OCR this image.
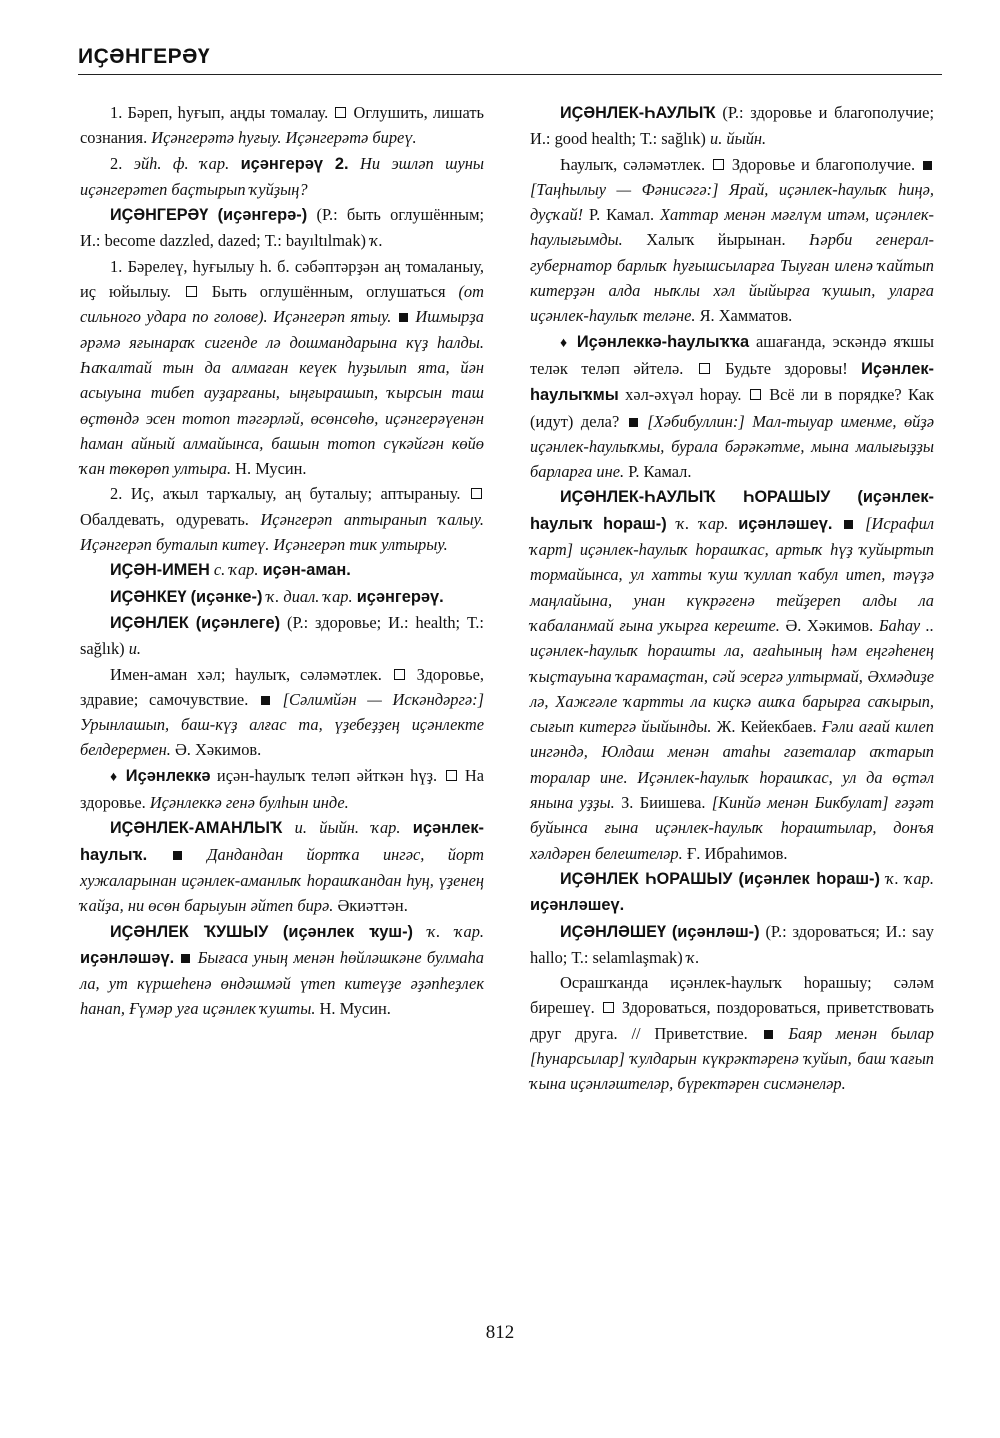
ИҪӘНГЕРӘҮ

1. Бәреп, һуғып, аңды томалау. Оглушить, лишать сознания. Иҫәнгерәтә һуғыу. Иҫәнгерәтә биреү.

2. эйһ. ф. ҡар. иҫәнгерәү 2. Ни эшләп шуны иҫәнгерәтеп баҫтырып ҡуйҙың?

ИҪӘНГЕРӘҮ (иҫәнгерә-) (Р.: быть оглушённым; И.: become dazzled, dazed; Т.: bayıltılmak) ҡ.

1. Бәрелеү, һуғылыу һ. б. сәбәптәрҙән аң томаланыу, иҫ юйылыу. Быть оглушённым, оглушаться (от сильного удара по голове). Иҫәнгерәп ятыу. Ишмырҙа әрәмә яғынараҡ сигенде лә дошмандарына күҙ һалды. Һаҡалтай тын да алмаған кеүек һуҙылып ята, йән асыуына тибеп ауҙарғаны, ыңғырашып, ҡырсын таш өҫтөндә эсен тотоп тәгәрләй, өсөнсөһө, иҫәнгерәүенән һаман айный алмайынса, башын тотоп сүкәйгән көйө ҡан төкөрөп ултыра. Н. Мусин.

2. Иҫ, аҡыл тарҡалыу, аң буталыу; аптыраныу.  Обалдевать, одуревать. Иҫәнгерәп аптыранып ҡалыу. Иҫәнгерәп буталып китеү. Иҫәнгерәп тик ултырыу.

ИҪӘН-ИМЕН с. ҡар. иҫән-аман.

ИҪӘНКЕҮ (иҫәнке-) ҡ. диал. ҡар. иҫәнгерәү.

ИҪӘНЛЕК (иҫәнлеге) (Р.: здоровье; И.: health; Т.: sağlık) и.

Имен-аман хәл; һаулыҡ, сәләмәтлек. Здоровье, здравие; самочувствие. [Сәлимйән — Искәндәргә:] Урынлашып, баш-күҙ алғас та, үҙебеҙҙең иҫәнлекте белдерермен. Ә. Хәкимов.

♦ Иҫәнлеккә иҫән-һаулыҡ теләп әйткән һүҙ. На здоровье. Иҫәнлеккә генә булһын инде.

ИҪӘНЛЕК-АМАНЛЫҠ и. йыйн. ҡар. иҫәнлек-һаулыҡ.	Дандандан йортҡа ингәс, йорт хужаларынан иҫәнлек-аманлыҡ һорашҡандан һуң, үҙенең ҡайҙа, ни өсөн барыуын әйтеп бирә. Әкиәттән.

ИҪӘНЛЕК ҠУШЫУ (иҫәнлек ҡуш-) ҡ. ҡар. иҫәнләшәү. Бығаса уның менән һөйләшкәне булмаһа ла, ут күршеһенә өндәшмәй үтеп китеүҙе әҙәпһеҙлек һанап, Ғүмәр уға иҫәнлек ҡушты. Н. Мусин.

ИҪӘНЛЕК-ҺАУЛЫҠ (Р.: здоровье и благополучие; И.: good health; Т.: sağlık) и. йыйн.

Һаулыҡ, сәләмәтлек. Здоровье и благополучие.  [Таңһылыу — Фәнисәгә:] Ярай, иҫәнлек-һаулыҡ һиңә, дуҫҡай! Р. Камал. Хаттар менән мәғлүм итәм, иҫәнлек-һаулығымды. Халыҡ йырынан. Һәрби генерал-губернатор барлыҡ һуғышсыларға Тыуған иленә ҡайтып китерҙән алда ныҡлы хәл йыйырға ҡушып, уларға иҫәнлек-һаулыҡ теләне. Я. Хамматов.

♦ Иҫәнлеккә-һаулыҡҡа ашағанда, эскәндә яҡшы теләк теләп әйтелә.	Будьте здоровы! Иҫәнлек-һаулыҡмы хәл-әхүәл һорау. Всё ли в порядке? Как (идут) дела? [Хәбибуллин:] Мал-тыуар именме, өйҙә иҫәнлек-һаулыҡмы, бурала бәрәкәтме, мына малығыҙҙы барларға ине. Р. Камал.

ИҪӘНЛЕК-ҺАУЛЫҠ ҺОРАШЫУ (иҫәнлек-һаулыҡ һораш-) ҡ. ҡар. иҫәнләшеү. [Исрафил ҡарт] иҫәнлек-һаулыҡ һорашҡас, артыҡ һүҙ ҡуйыртып тормайынса, ул хатты ҡуш ҡуллап ҡабул итеп, тәүҙә маңлайына, унан күкрәгенә тейҙереп алды ла ҡабаланмай ғына уҡырға кереште. Ә. Хәкимов. Баһау .. иҫәнлек-һаулыҡ һорашты ла, ағаһының һәм еңгәһенең ҡыҫтауына ҡарамаҫтан, сәй эсергә ултырмай, Әхмәдиҙе лә, Хажғәле ҡартты ла киҫкә ашҡа барырға саҡырып, сығып китергә йыйынды. Ж. Кейекбаев. Ғәли ағай килеп ингәндә, Юлдаш менән атаһы газеталар аҡтарып торалар ине. Иҫәнлек-һаулыҡ һорашҡас, ул да өҫтәл янына уҙҙы. З. Биишева. [Кинйә менән Бикбулат] ғәҙәт буйынса ғына иҫәнлек-һаулыҡ һораштылар, донъя хәлдәрен белештеләр. Ғ. Ибраһимов.

ИҪӘНЛЕК ҺОРАШЫУ (иҫәнлек һораш-) ҡ. ҡар. иҫәнләшеү.

ИҪӘНЛӘШЕҮ (иҫәнләш-) (Р.: здороваться; И.: say hallo; Т.: selamlaşmak) ҡ.

Осрашҡанда иҫәнлек-һаулыҡ һорашыу; сәләм бирешеү. Здороваться, поздороваться, приветствовать друг друга. // Приветствие. Баяр менән былар [һунарсылар] ҡулдарын күкрәктәренә ҡуйып, баш ҡағып ҡына иҫәнләштеләр, бүректәрен сисмәнеләр.

812
